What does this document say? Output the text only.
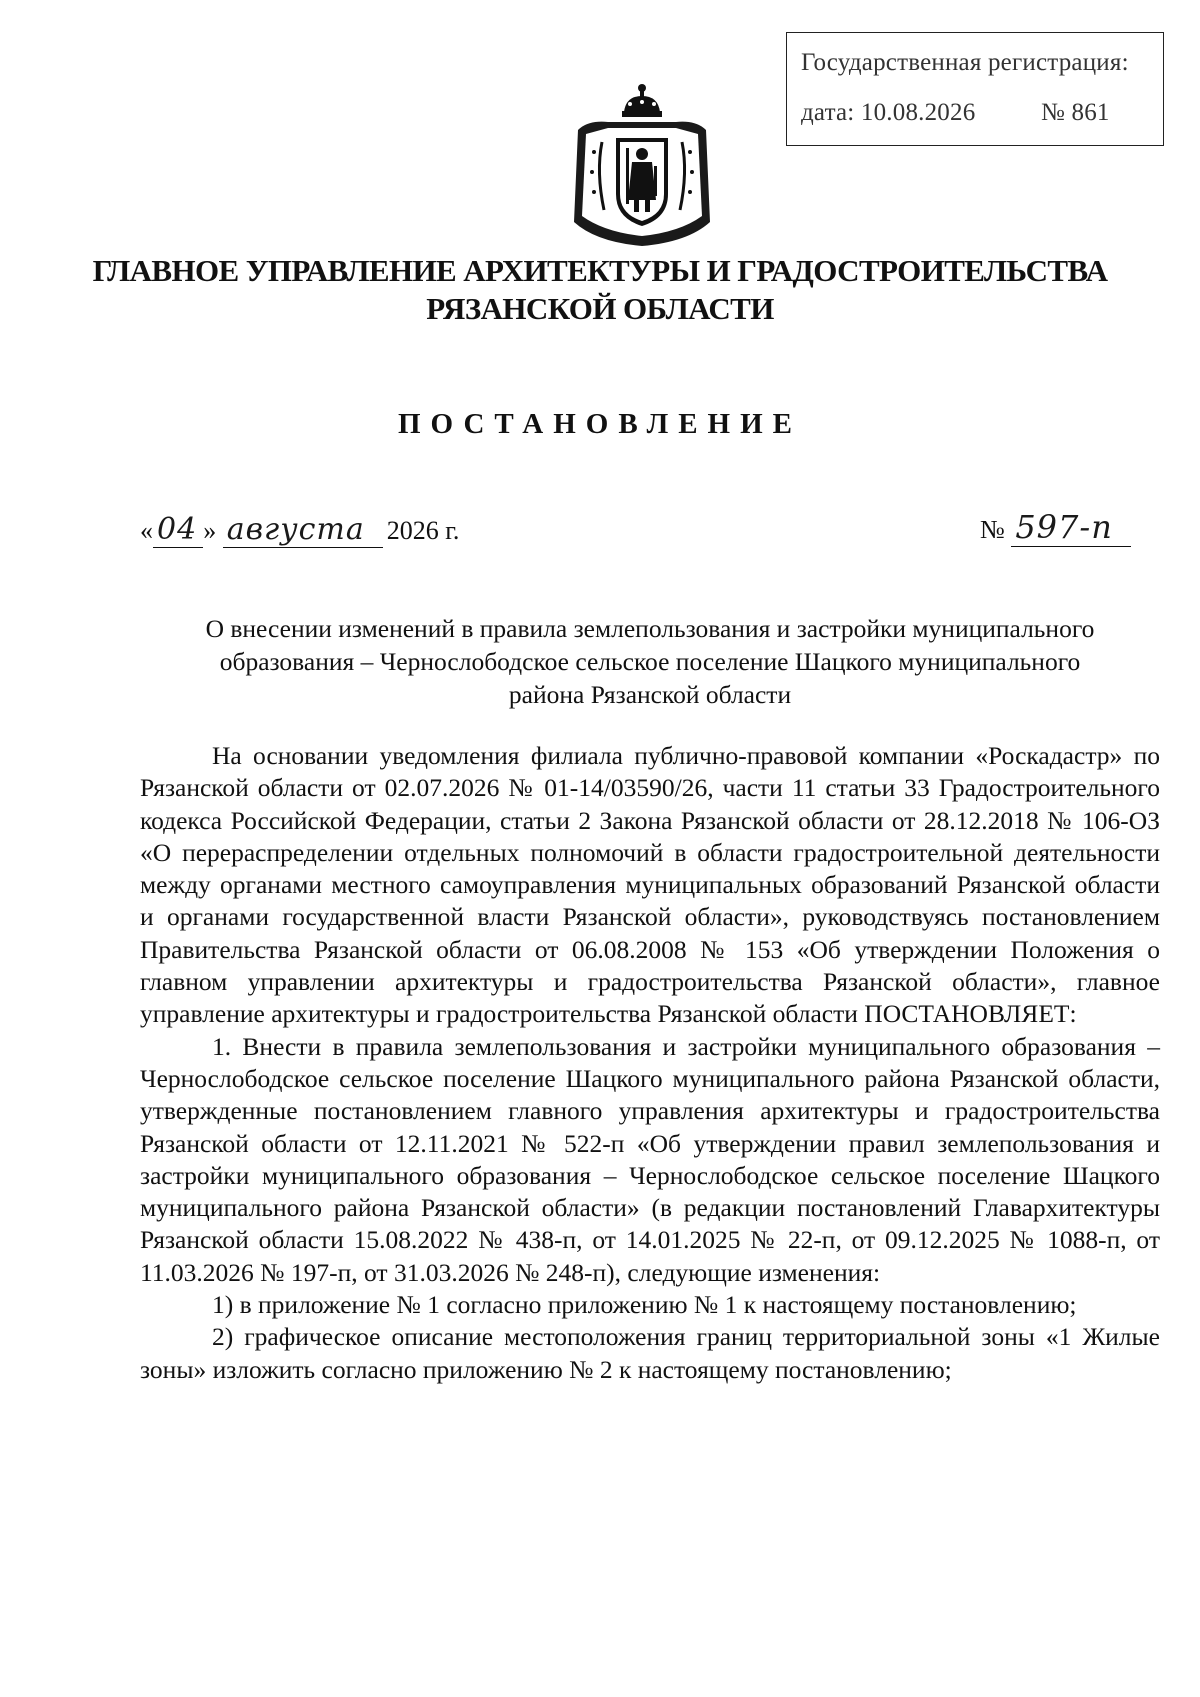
Государственная регистрация:
дата: 10.08.2026	№ 861
ГЛАВНОЕ УПРАВЛЕНИЕ АРХИТЕКТУРЫ И ГРАДОСТРОИТЕЛЬСТВА
РЯЗАНСКОЙ ОБЛАСТИ
ПОСТАНОВЛЕНИЕ
« 04 » августа 2026 г.	№ 597-п
О внесении изменений в правила землепользования и застройки муниципального
образования – Чернослободское сельское поселение Шацкого муниципального
района Рязанской области

На основании уведомления филиала публично-правовой компании «Роскадастр» по Рязанской области от 02.07.2026 № 01-14/03590/26, части 11 статьи 33 Градостроительного кодекса Российской Федерации, статьи 2 Закона Рязанской области от 28.12.2018 № 106-ОЗ «О перераспределении отдельных полномочий в области градостроительной деятельности между органами местного самоуправления муниципальных образований Рязанской области и органами государственной власти Рязанской области», руководствуясь постановлением Правительства Рязанской области от 06.08.2008 № 153 «Об утверждении Положения о главном управлении архитектуры и градостроительства Рязанской области», главное управление архитектуры и градостроительства Рязанской области ПОСТАНОВЛЯЕТ:

1. Внести в правила землепользования и застройки муниципального образования – Чернослободское сельское поселение Шацкого муниципального района Рязанской области, утвержденные постановлением главного управления архитектуры и градостроительства Рязанской области от 12.11.2021 № 522-п «Об утверждении правил землепользования и застройки муниципального образования – Чернослободское сельское поселение Шацкого муниципального района Рязанской области» (в редакции постановлений Главархитектуры Рязанской области 15.08.2022 № 438-п, от 14.01.2025 № 22-п, от 09.12.2025 № 1088-п, от 11.03.2026 № 197-п, от 31.03.2026 № 248-п), следующие изменения:

1) в приложение № 1 согласно приложению № 1 к настоящему постановлению;

2) графическое описание местоположения границ территориальной зоны «1 Жилые зоны» изложить согласно приложению № 2 к настоящему постановлению;
